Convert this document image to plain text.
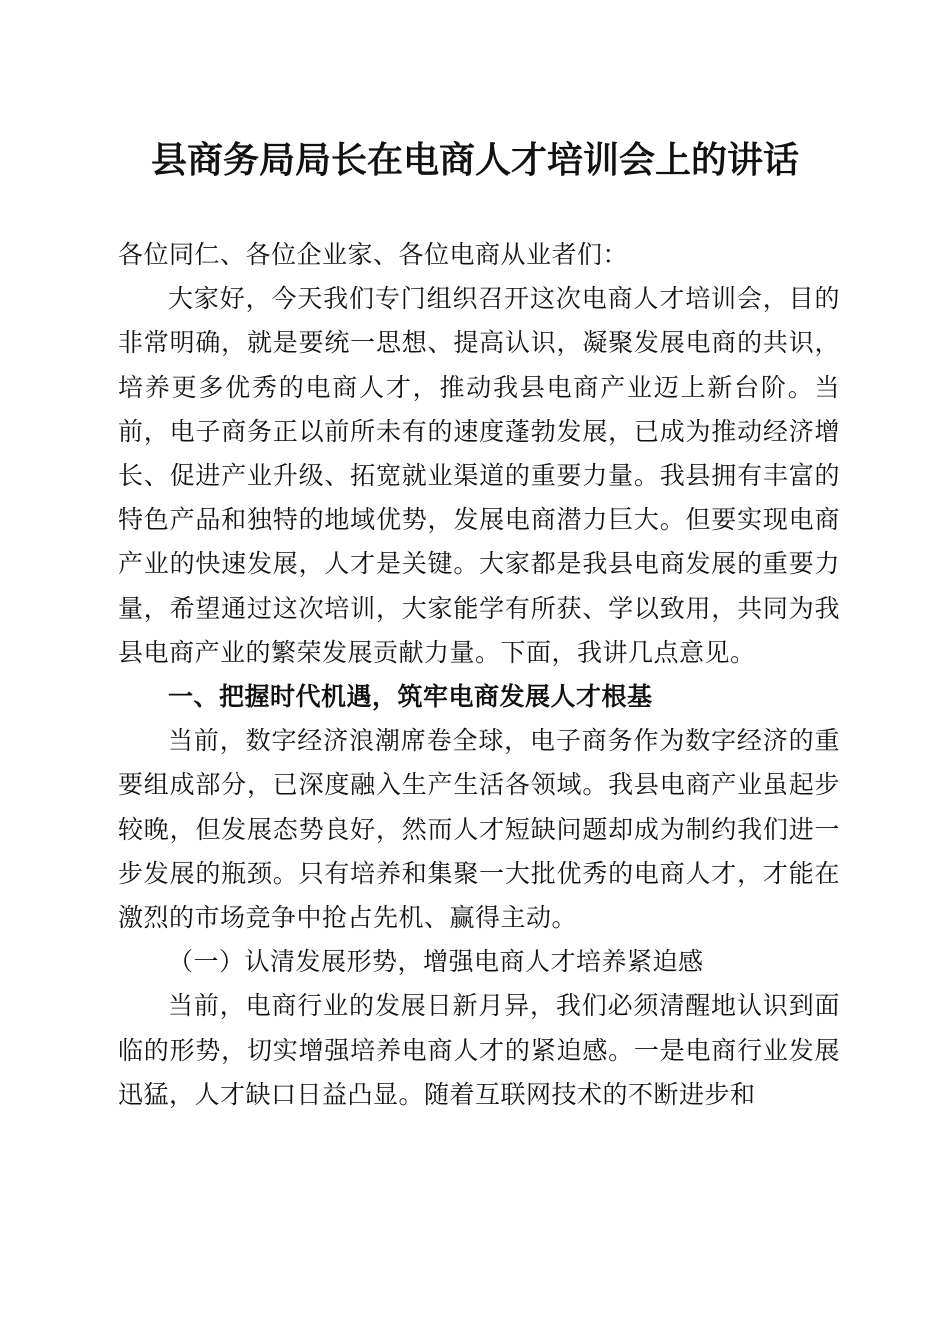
县商务局局长在电商人才培训会上的讲话

各位同仁、各位企业家、各位电商从业者们：

大家好，今天我们专门组织召开这次电商人才培训会，目的非常明确，就是要统一思想、提高认识，凝聚发展电商的共识，培养更多优秀的电商人才，推动我县电商产业迈上新台阶。当前，电子商务正以前所未有的速度蓬勃发展，已成为推动经济增长、促进产业升级、拓宽就业渠道的重要力量。我县拥有丰富的特色产品和独特的地域优势，发展电商潜力巨大。但要实现电商产业的快速发展，人才是关键。大家都是我县电商发展的重要力量，希望通过这次培训，大家能学有所获、学以致用，共同为我县电商产业的繁荣发展贡献力量。下面，我讲几点意见。

一、把握时代机遇，筑牢电商发展人才根基

当前，数字经济浪潮席卷全球，电子商务作为数字经济的重要组成部分，已深度融入生产生活各领域。我县电商产业虽起步较晚，但发展态势良好，然而人才短缺问题却成为制约我们进一步发展的瓶颈。只有培养和集聚一大批优秀的电商人才，才能在激烈的市场竞争中抢占先机、赢得主动。

（一）认清发展形势，增强电商人才培养紧迫感

当前，电商行业的发展日新月异，我们必须清醒地认识到面临的形势，切实增强培养电商人才的紧迫感。一是电商行业发展迅猛，人才缺口日益凸显。随着互联网技术的不断进步和
